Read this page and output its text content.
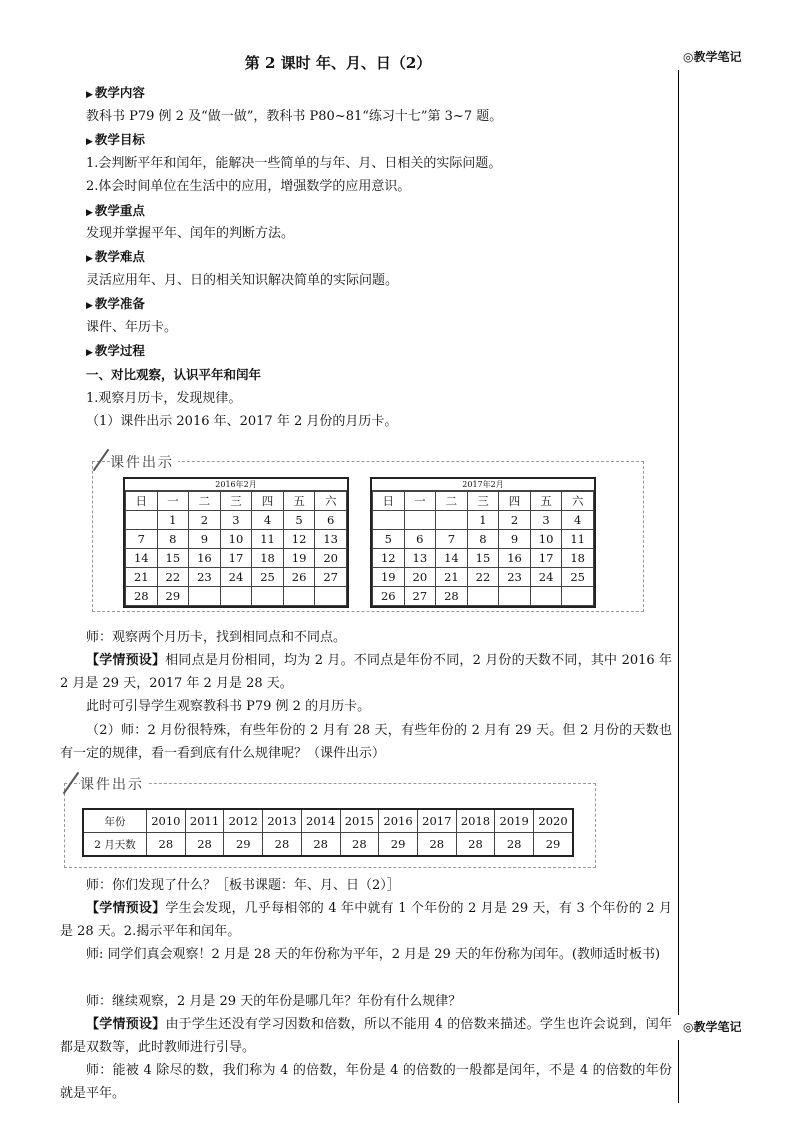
第 2 课时 年、月、日（2）	◎教学笔记
◎教学笔记
▶ 教学内容
教科书 P79 例 2 及“做一做”，教科书 P80~81“练习十七”第 3~7 题。
▶ 教学目标
1.会判断平年和闰年，能解决一些简单的与年、月、日相关的实际问题。
2.体会时间单位在生活中的应用，增强数学的应用意识。
▶ 教学重点
发现并掌握平年、闰年的判断方法。
▶ 教学难点
灵活应用年、月、日的相关知识解决简单的实际问题。
▶ 教学准备
课件、年历卡。
▶ 教学过程
一、对比观察，认识平年和闰年
1.观察月历卡，发现规律。
（1）课件出示 2016 年、2017 年 2 月份的月历卡。
课件出示
2016年2月
日	一	二	三	四	五	六
	1	2	3	4	5	6
7	8	9	10	11	12	13
14	15	16	17	18	19	20
21	22	23	24	25	26	27
28	29					
2017年2月
日	一	二	三	四	五	六
			1	2	3	4
5	6	7	8	9	10	11
12	13	14	15	16	17	18
19	20	21	22	23	24	25
26	27	28				
师：观察两个月历卡，找到相同点和不同点。
【学情预设】相同点是月份相同，均为 2 月。不同点是年份不同，2 月份的天数不同，其中 2016 年 2 月是 29 天，2017 年 2 月是 28 天。
此时可引导学生观察教科书 P79 例 2 的月历卡。
（2）师：2 月份很特殊，有些年份的 2 月有 28 天，有些年份的 2 月有 29 天。但 2 月份的天数也有一定的规律，看一看到底有什么规律呢？（课件出示）
课件出示
年份	2010	2011	2012	2013	2014	2015	2016	2017	2018	2019	2020
2 月天数	28	28	29	28	28	28	29	28	28	28	29
师：你们发现了什么？［板书课题：年、月、日（2）］
【学情预设】学生会发现，几乎每相邻的 4 年中就有 1 个年份的 2 月是 29 天，有 3 个年份的 2 月是 28 天。2.揭示平年和闰年。
师: 同学们真会观察！2 月是 28 天的年份称为平年，2 月是 29 天的年份称为闰年。(教师适时板书)
师：继续观察，2 月是 29 天的年份是哪几年？年份有什么规律？
【学情预设】由于学生还没有学习因数和倍数，所以不能用 4 的倍数来描述。学生也许会说到，闰年都是双数等，此时教师进行引导。
师：能被 4 除尽的数，我们称为 4 的倍数，年份是 4 的倍数的一般都是闰年，不是 4 的倍数的年份就是平年。
